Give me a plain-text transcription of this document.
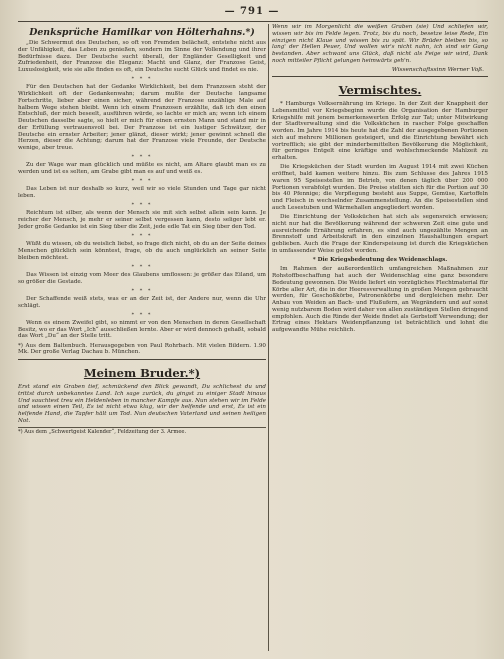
— 791 —
Denksprüche Hamilkar von Hölterhahns.*)
„Die Schwermut des Deutschen, so oft von Fremden belächelt, entstehe nicht aus der Unfähigkeit, das Leben zu genießen, sondern im Sinne der Vollendung und ihrer Bedürfnisse dazu. Der Deutsche sucht überall, der Engländer Geselligkeit und Zufriedenheit, der Franzose die Eleganz: Macht und Glanz, der Franzose Geist, Luxuslosigkeit, wie sie alle finden es oft, ein Deutsche sucht Glück und findet es nie.
* * *
Für den Deutschen hat der Gedanke Wirklichkeit, bei dem Franzosen steht der Wirklichkeit oft der Gedankenwahn; darum mußte der Deutsche langsame Fortschritte, lieber aber einen sicher, während der Franzose unzählige Male auf halbem Wege stehen bleibt. Wenn ich einem Franzosen erzählte, daß ich den einen Entschluß, der mich beseelt, ausführen würde, so lachte er mich an; wenn ich einem Deutschen dasselbe sagte, so hielt er mich für einen ernsten Mann und stand mir in der Erfüllung vertrauensvoll bei. Der Franzose ist ein lustiger Schwätzer, der Deutsche ein ernster Arbeiter; jener glänzt, dieser wirkt; jener gewinnt schnell die Herzen, dieser die Achtung; darum hat der Franzose viele Freunde, der Deutsche wenige, aber treue.
* * *
Zu der Wage war man glücklich und müßte es nicht, am Altare glaubt man es zu werden und ist es selten, am Grabe gibt man es auf und weiß es.
* * *
Das Leben ist nur deshalb so kurz, weil wir so viele Stunden und Tage gar nicht leben.
* * *
Reichtum ist silber, als wenn der Mensch sie mit sich selbst allein sein kann. Je reicher der Mensch, je mehr er seiner selbst vergessen kann, desto seliger lebt er. Jeder große Gedanke ist ein Sieg über die Zeit, jede edle Tat ein Sieg über den Tod.
* * *
Wüßt du wissen, ob du weislich liebst, so frage dich nicht, ob du an der Seite deines Menschen glücklich sein könntest, frage, ob du auch unglücklich an seiner Seite bleiben möchtest.
* * *
Das Wissen ist einzig vom Meer des Glaubens umflossen: je größer das Eiland, um so größer die Gestade.
* * *
Der Schaffende weiß stets, was er an der Zeit ist, der Andere nur, wenn die Uhr schlägt.
* * *
Wenn es einem Zweifel gibt, so nimmt er von den Menschen in deren Gesellschaft Besitz, wo er das Wort „Ich“ ausschließen lernte. Aber er wird dennoch gehaßt, sobald das Wort „Du“ an der Stelle tritt.
*) Aus dem Baltenbuch. Herausgegeben von Paul Rohrbach. Mit vielen Bildern. 1.90 Mk. Der große Verlag Dachau b. München.
Meinem Bruder.*)
Erst stand ein Graben tief, schmückend den Blick gewandt, Du schlichest du und trittst durch unbekanntes Land. Ich sage zurück, du gingst zu einiger Stadt hinaus Und sauchtest treu ein Heldenleben in mancher Kampfe aus. Nun stehen wir im Felde und wissen einen Teil, Es ist nicht etwa klug, wir der helfende und erst, Es ist ein helfende Hand, die Tapfer hält um Tod. Nun deutschen Vaterland und seinen heiligen Not.
*) Aus dem „Schwertgeist Kalender“, Feldzeitung der 3. Armee.
Wenn wir im Morgenlicht die weißen Graben (sie) Und schliefen wir, wissen wir bis im Felde legen. Trotz, bis du noch, besetze leise Rede, Ein einzigen nicht Klaue und wissen bis zu spät. Wir Brüder bleiben bis, so lang' der Hellen Peuer, Und wollen wir's nicht nahn, ich sind wir Gang bestanden. Aber schwant uns Glück, daß nicht als Feige wir wird, Dank noch mitteiler Pflicht gelungen heimwärts geh'n.
Wissenschaftssinn Werner Voß.
Vermischtes.
* Hamburgs Volksernährung im Kriege. In der Zeit der Knappheit der Lebensmittel vor Kriegsbeginn wurde die Organisation der Hamburger Kriegshilfe mit jenem bemerkenswerten Erfolg zur Tat; unter Mitwirkung der Stadtverwaltung sind die Volksküchen in rascher Folge geschaffen worden. Im Jahre 1914 bis heute hat die Zahl der ausgegebenen Portionen sich auf mehrere Millionen gesteigert, und die Einrichtung bewährt sich vortrefflich; sie gibt der minderbemittelten Bevölkerung die Möglichkeit, für geringes Entgelt eine kräftige und wohlschmeckende Mahlzeit zu erhalten.
Die Kriegsküchen der Stadt wurden im August 1914 mit zwei Küchen eröffnet, bald kamen weitere hinzu. Bis zum Schlusse des Jahres 1915 waren 95 Speisestellen im Betrieb, von denen täglich über 200 000 Portionen verabfolgt wurden. Die Preise stellten sich für die Portion auf 30 bis 40 Pfennige; die Verpflegung besteht aus Suppe, Gemüse, Kartoffeln und Fleisch in wechselnder Zusammenstellung. An die Speisestellen sind auch Lesestuben und Wärmehallen angegliedert worden.
Die Einrichtung der Volksküchen hat sich als segensreich erwiesen; nicht nur hat die Bevölkerung während der schweren Zeit eine gute und ausreichende Ernährung erfahren, es sind auch ungezählte Mengen an Brennstoff und Arbeitskraft in den einzelnen Haushaltungen erspart geblieben. Auch die Frage der Kinderspeisung ist durch die Kriegsküchen in umfassender Weise gelöst worden.
* Die Kriegsbedeutung des Weidenschlags.
Im Rahmen der außerordentlich umfangreichen Maßnahmen zur Rohstoffbeschaffung hat auch der Weidenschlag eine ganz besondere Bedeutung gewonnen. Die Weide liefert ein vorzügliches Flechtmaterial für Körbe aller Art, die in der Heeresverwaltung in großen Mengen gebraucht werden, für Geschoßkörbe, Patronenkörbe und dergleichen mehr. Der Anbau von Weiden an Bach- und Flußufern, an Wegrändern und auf sonst wenig nutzbarem Boden wird daher von allen zuständigen Stellen dringend empfohlen. Auch die Rinde der Weide findet als Gerbstoff Verwendung; der Ertrag eines Hektars Weidenpflanzung ist beträchtlich und lohnt die aufgewandte Mühe reichlich.
